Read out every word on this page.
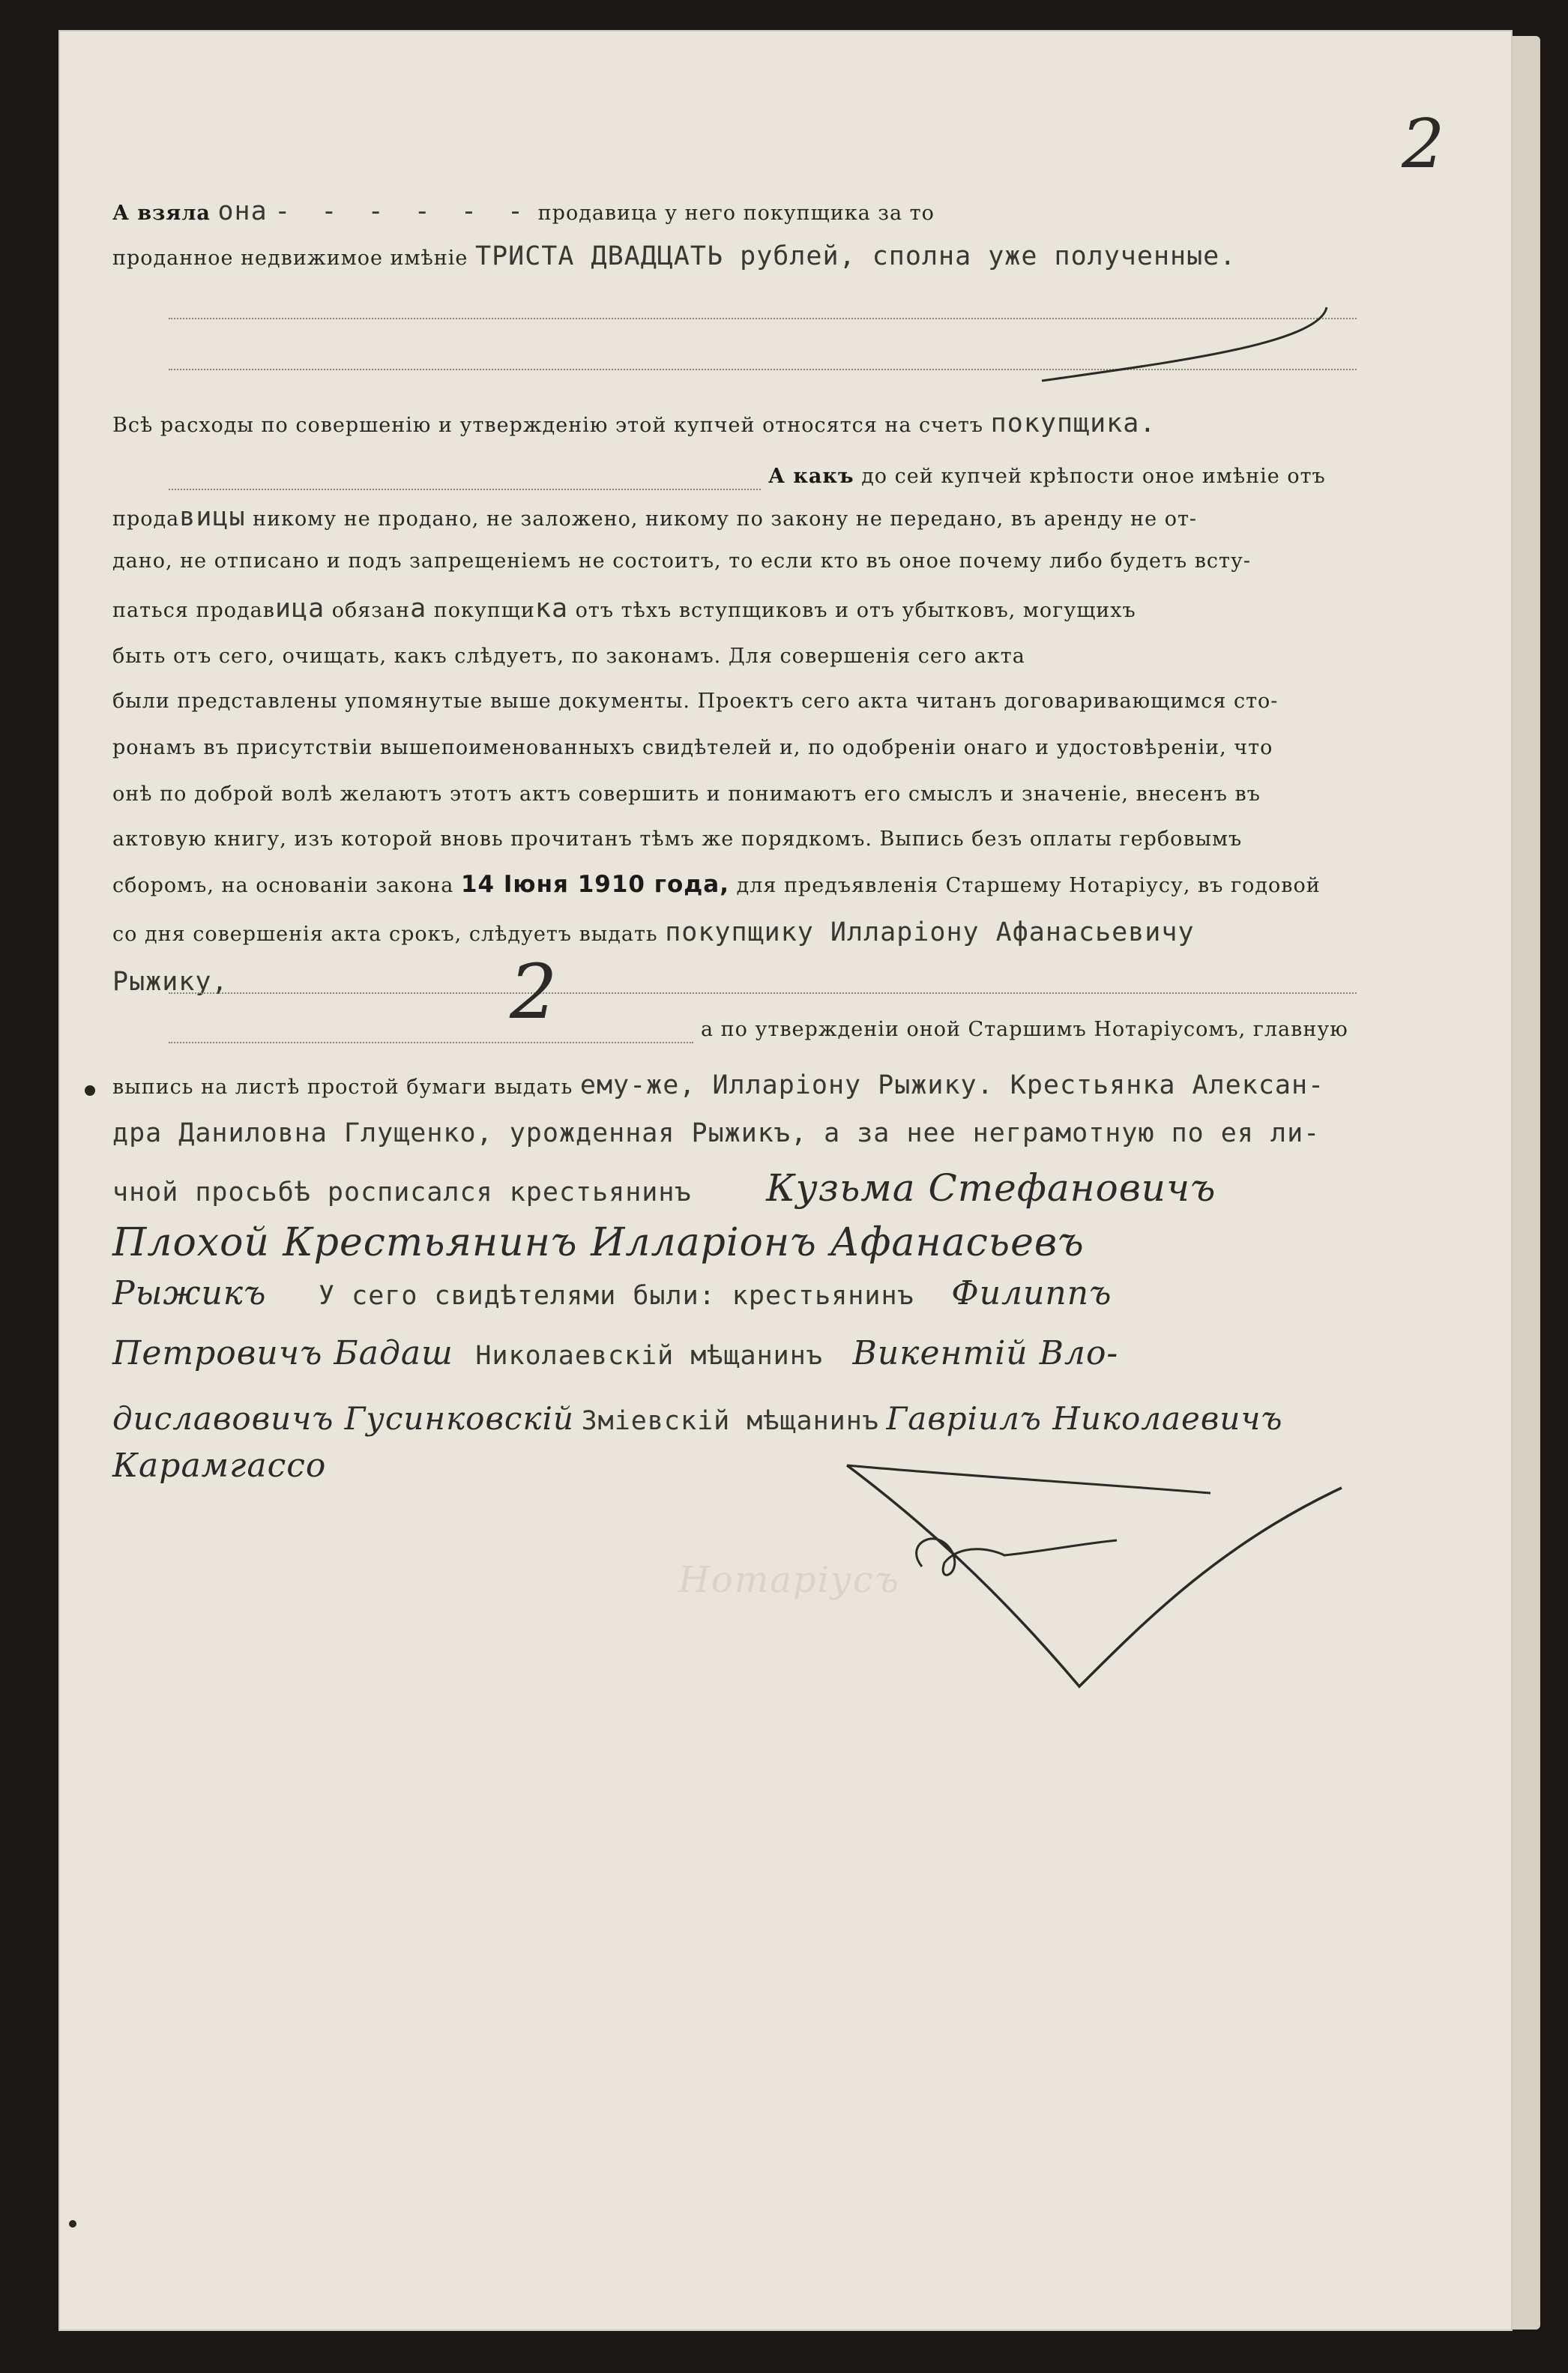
2
А взяла она - - - - - - продавица у него покупщика за то
проданное недвижимое имѣніе ТРИСТА ДВАДЦАТЬ рублей, сполна уже полученные.
Всѣ расходы по совершенію и утвержденію этой купчей относятся на счетъ покупщика.
А какъ до сей купчей крѣпости оное имѣніе отъ
продавицы никому не продано, не заложено, никому по закону не передано, въ аренду не от-
дано, не отписано и подъ запрещеніемъ не состоитъ, то если кто въ оное почему либо будетъ всту-
паться продавица обязана покупщика отъ тѣхъ вступщиковъ и отъ убытковъ, могущихъ
быть отъ сего, очищать, какъ слѣдуетъ, по законамъ. Для совершенія сего акта
были представлены упомянутые выше документы. Проектъ сего акта читанъ договаривающимся сто-
ронамъ въ присутствіи вышепоименованныхъ свидѣтелей и, по одобреніи онаго и удостовѣреніи, что
онѣ по доброй волѣ желаютъ этотъ актъ совершить и понимаютъ его смыслъ и значеніе, внесенъ въ
актовую книгу, изъ которой вновь прочитанъ тѣмъ же порядкомъ. Выпись безъ оплаты гербовымъ
сборомъ, на основаніи закона 14 Іюня 1910 года, для предъявленія Старшему Нотаріусу, въ годовой
со дня совершенія акта срокъ, слѣдуетъ выдать покупщику Илларіону Афанасьевичу
Рыжику,	2	а по утвержденіи оной Старшимъ Нотаріусомъ, главную
выпись на листѣ простой бумаги выдать ему-же, Илларіону Рыжику. Крестьянка Алексан-
дра Даниловна Глущенко, урожденная Рыжикъ, а за нее неграмотную по ея ли-
чной просьбѣ росписался крестьянинъ Кузьма Стефановичъ
Плохой Крестьянинъ Илларіонъ Афанасьевъ
Рыжикъ У сего свидѣтелями были: крестьянинъ Филиппъ
Петровичъ Бадаш Николаевскій мѣщанинъ Викентій Вло-
диславовичъ Гусинковскій Зміевскій мѣщанинъ Гавріилъ Николаевичъ
Карамгассо
Нотаріусъ
